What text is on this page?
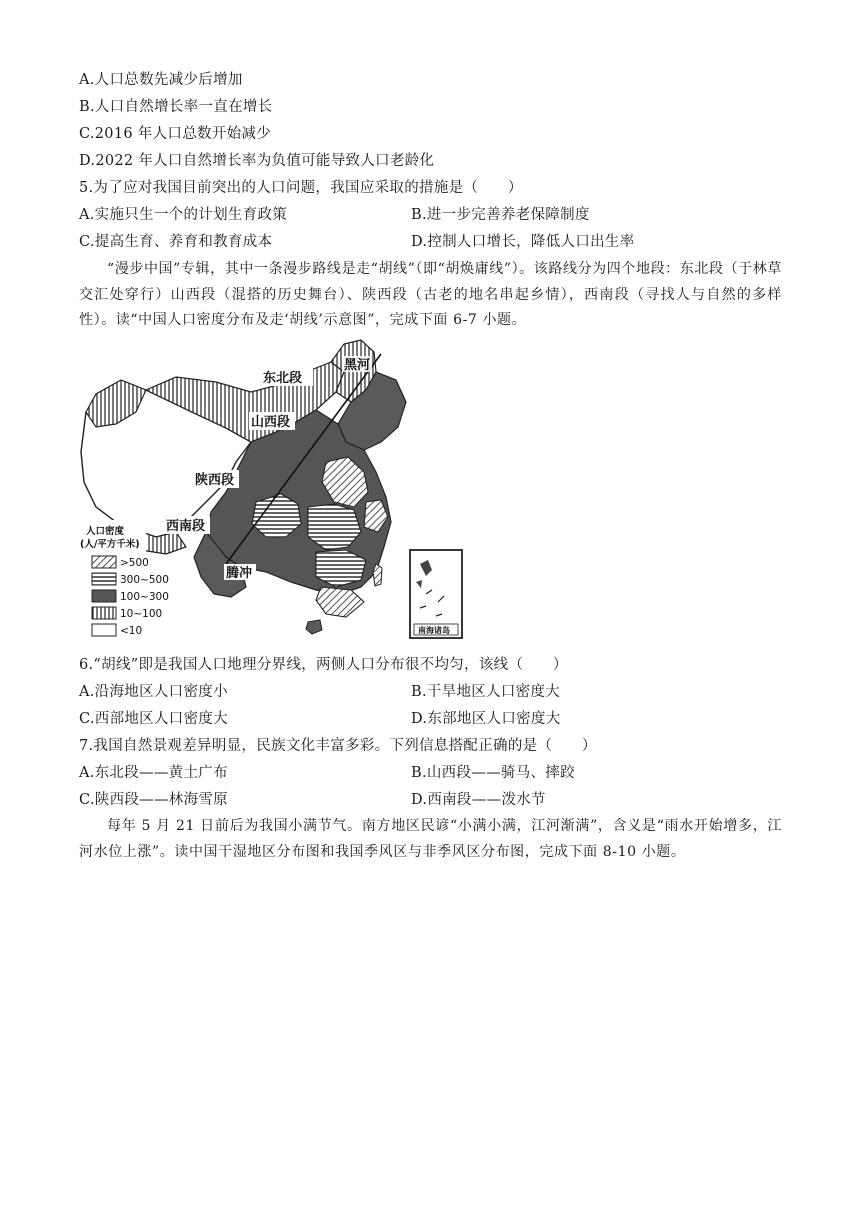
A.人口总数先减少后增加
B.人口自然增长率一直在增长
C.2016 年人口总数开始减少
D.2022 年人口自然增长率为负值可能导致人口老龄化
5.为了应对我国目前突出的人口问题，我国应采取的措施是（　　）
A.实施只生一个的计划生育政策	B.进一步完善养老保障制度
C.提高生育、养育和教育成本	D.控制人口增长，降低人口出生率
“漫步中国”专辑，其中一条漫步路线是走“胡线”（即“胡焕庸线”）。该路线分为四个地段：东北段（于林草交汇处穿行）山西段（混搭的历史舞台）、陕西段（古老的地名串起乡情），西南段（寻找人与自然的多样性）。读“中国人口密度分布及走‘胡线’示意图”，完成下面 6-7 小题。
东北段
黑河
山西段
陕西段
西南段
腾冲
人口密度
(人/平方千米)
>500
300~500
100~300
10~100
<10	南海诸岛
6.“胡线”即是我国人口地理分界线，两侧人口分布很不均匀，该线（　　）
A.沿海地区人口密度小	B.干旱地区人口密度大
C.西部地区人口密度大	D.东部地区人口密度大
7.我国自然景观差异明显，民族文化丰富多彩。下列信息搭配正确的是（　　）
A.东北段——黄土广布	B.山西段——骑马、摔跤
C.陕西段——林海雪原	D.西南段——泼水节
每年 5 月 21 日前后为我国小满节气。南方地区民谚“小满小满，江河渐满”，含义是“雨水开始增多，江河水位上涨”。读中国干湿地区分布图和我国季风区与非季风区分布图，完成下面 8-10 小题。
